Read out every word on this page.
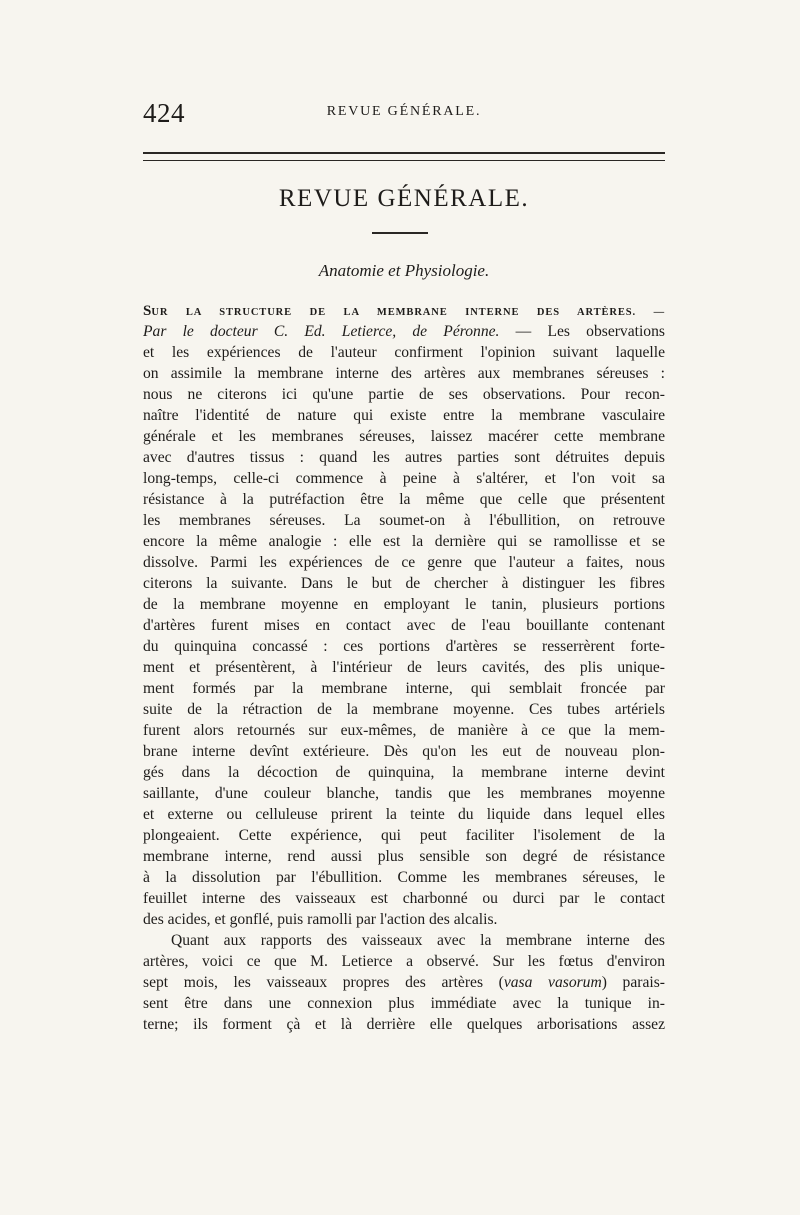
424	REVUE GÉNÉRALE.
REVUE GÉNÉRALE.
Anatomie et Physiologie.
SUR LA STRUCTURE DE LA MEMBRANE INTERNE DES ARTÈRES. —
Par le docteur C. Ed. Letierce, de Péronne. — Les observations
et les expériences de l'auteur confirment l'opinion suivant laquelle
on assimile la membrane interne des artères aux membranes séreuses :
nous ne citerons ici qu'une partie de ses observations. Pour recon-
naître l'identité de nature qui existe entre la membrane vasculaire
générale et les membranes séreuses, laissez macérer cette membrane
avec d'autres tissus : quand les autres parties sont détruites depuis
long-temps, celle-ci commence à peine à s'altérer, et l'on voit sa
résistance à la putréfaction être la même que celle que présentent
les membranes séreuses. La soumet-on à l'ébullition, on retrouve
encore la même analogie : elle est la dernière qui se ramollisse et se
dissolve. Parmi les expériences de ce genre que l'auteur a faites, nous
citerons la suivante. Dans le but de chercher à distinguer les fibres
de la membrane moyenne en employant le tanin, plusieurs portions
d'artères furent mises en contact avec de l'eau bouillante contenant
du quinquina concassé : ces portions d'artères se resserrèrent forte-
ment et présentèrent, à l'intérieur de leurs cavités, des plis unique-
ment formés par la membrane interne, qui semblait froncée par
suite de la rétraction de la membrane moyenne. Ces tubes artériels
furent alors retournés sur eux-mêmes, de manière à ce que la mem-
brane interne devînt extérieure. Dès qu'on les eut de nouveau plon-
gés dans la décoction de quinquina, la membrane interne devint
saillante, d'une couleur blanche, tandis que les membranes moyenne
et externe ou celluleuse prirent la teinte du liquide dans lequel elles
plongeaient. Cette expérience, qui peut faciliter l'isolement de la
membrane interne, rend aussi plus sensible son degré de résistance
à la dissolution par l'ébullition. Comme les membranes séreuses, le
feuillet interne des vaisseaux est charbonné ou durci par le contact
des acides, et gonflé, puis ramolli par l'action des alcalis.
Quant aux rapports des vaisseaux avec la membrane interne des
artères, voici ce que M. Letierce a observé. Sur les fœtus d'environ
sept mois, les vaisseaux propres des artères (vasa vasorum) parais-
sent être dans une connexion plus immédiate avec la tunique in-
terne; ils forment çà et là derrière elle quelques arborisations assez
